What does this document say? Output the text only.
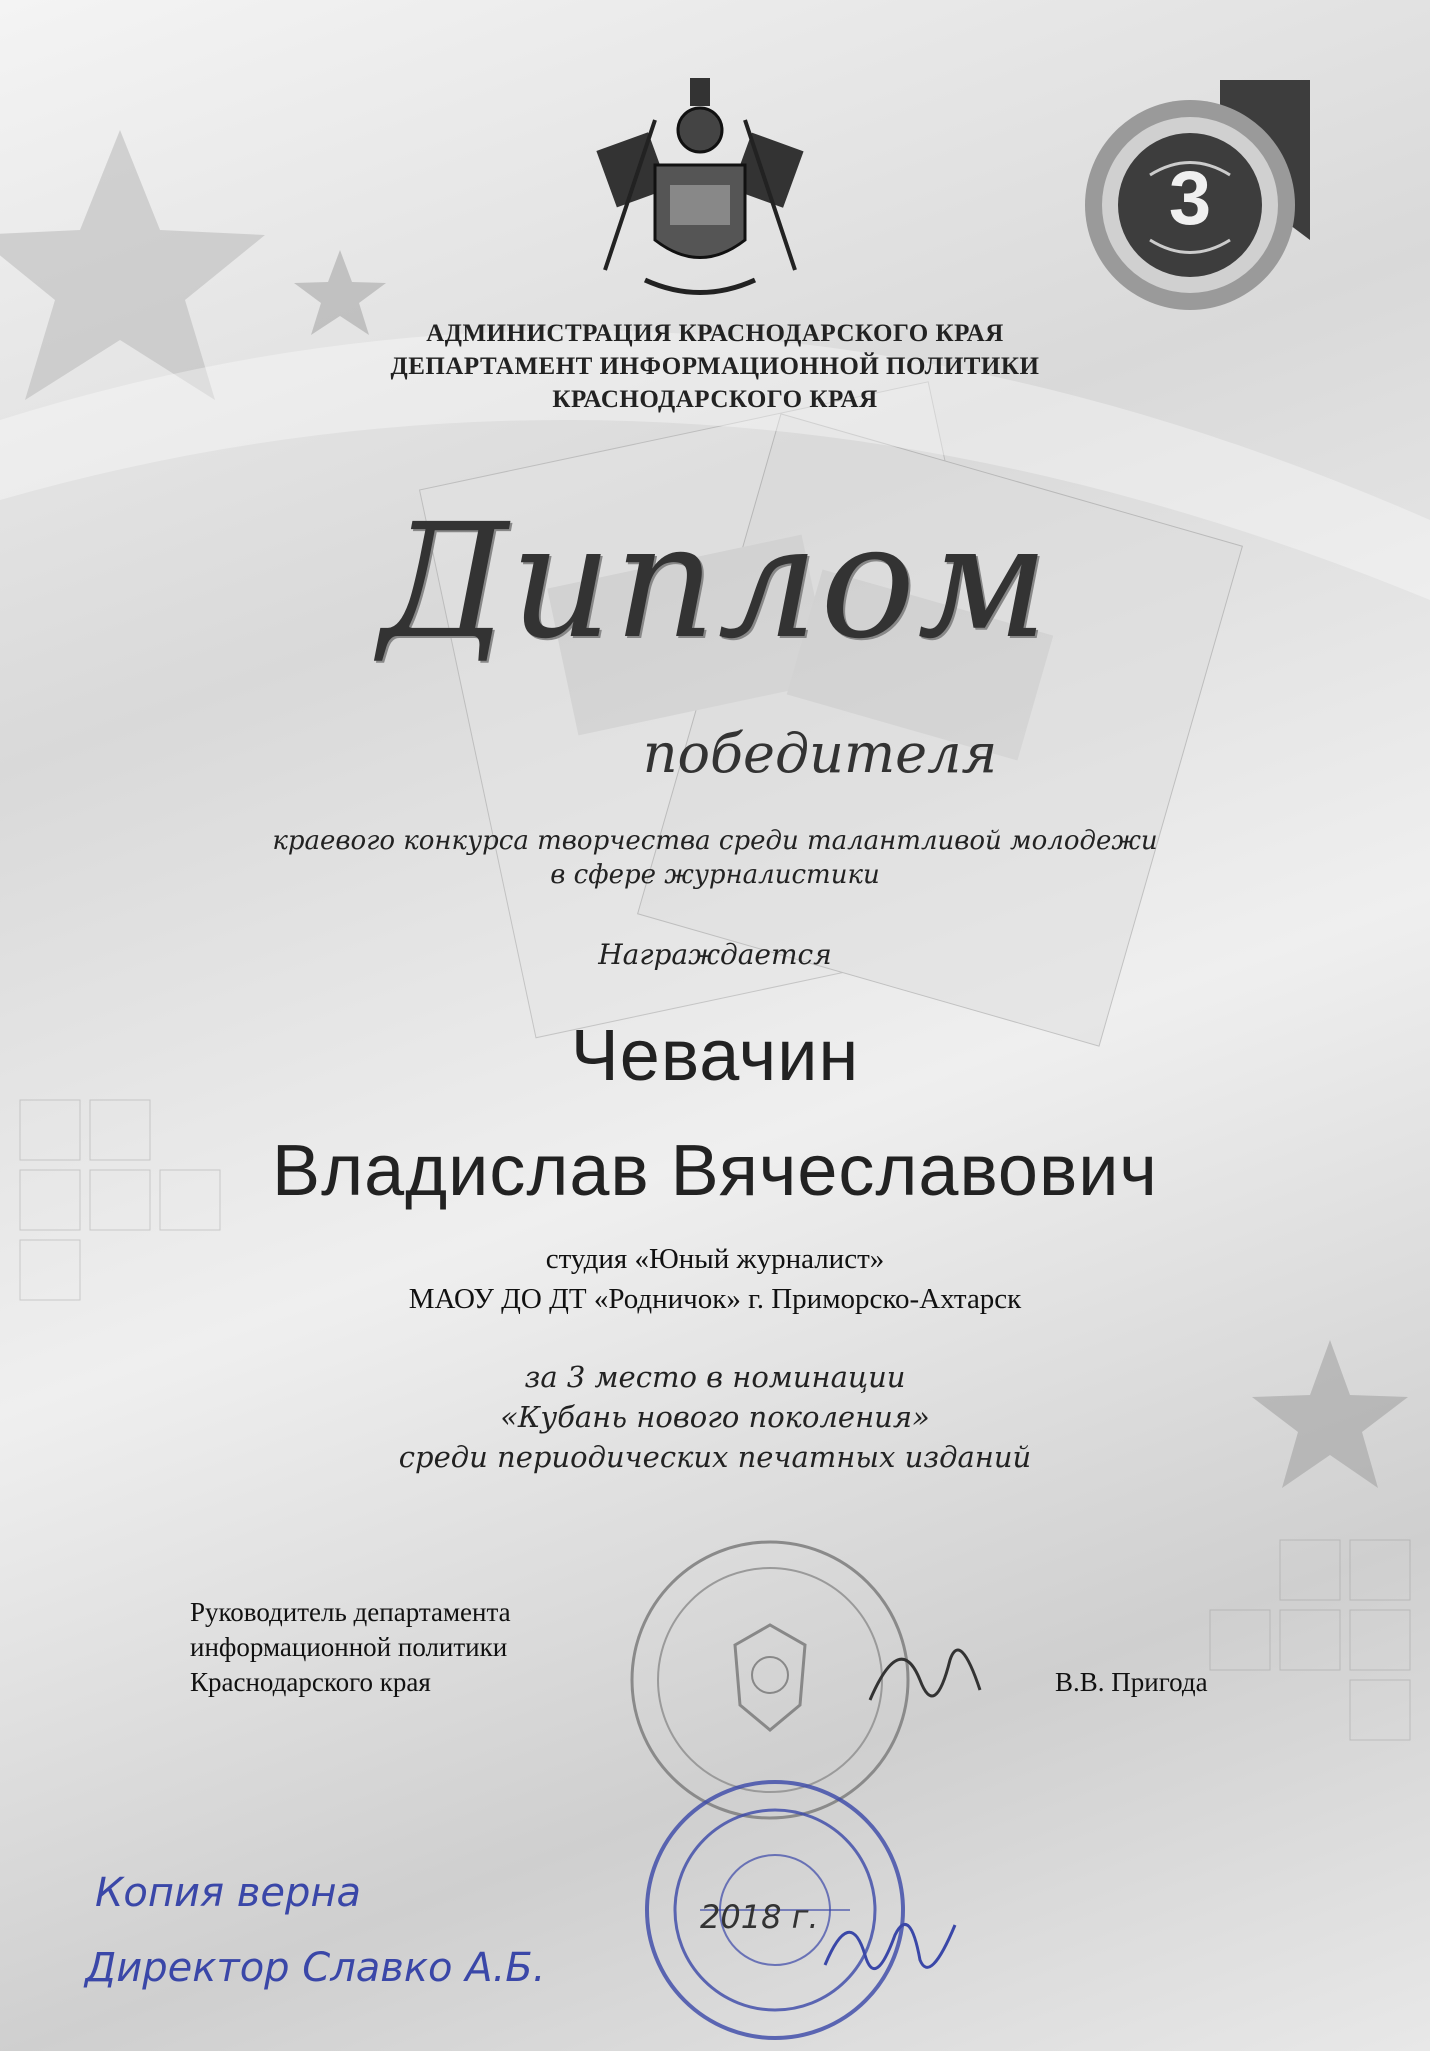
3
АДМИНИСТРАЦИЯ КРАСНОДАРСКОГО КРАЯ
ДЕПАРТАМЕНТ ИНФОРМАЦИОННОЙ ПОЛИТИКИ
КРАСНОДАРСКОГО КРАЯ
Диплом
победителя
краевого конкурса творчества среди талантливой молодежи
в сфере журналистики
Награждается
Чевачин
Владислав Вячеславович
студия «Юный журналист»
МАОУ ДО ДТ «Родничок» г. Приморско-Ахтарск
за 3 место в номинации
«Кубань нового поколения»
среди периодических печатных изданий
Руководитель департамента
информационной политики
Краснодарского края	В.В. Пригода
Копия верна
Директор Славко А.Б.
2018 г.
